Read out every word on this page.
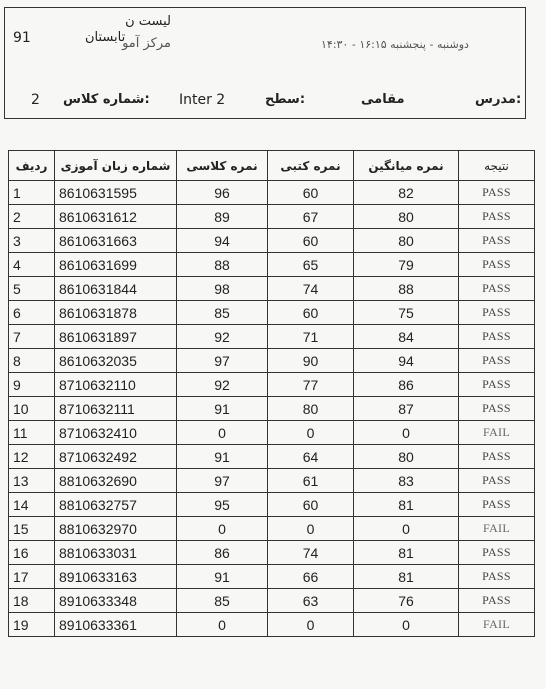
91	تابستان
لیست ن
مرکز آمو	دوشنبه - پنجشنبه ۱۶:۱۵ - ۱۴:۳۰
2 شماره کلاس: Inter 2	سطح:	مقامی	مدرس:
ردیف	شماره زبان آموزی	نمره کلاسی	نمره کتبی	نمره میانگین	نتیجه
1	8610631595	96	60	82	PASS
2	8610631612	89	67	80	PASS
3	8610631663	94	60	80	PASS
4	8610631699	88	65	79	PASS
5	8610631844	98	74	88	PASS
6	8610631878	85	60	75	PASS
7	8610631897	92	71	84	PASS
8	8610632035	97	90	94	PASS
9	8710632110	92	77	86	PASS
10	8710632111	91	80	87	PASS
11	8710632410	0	0	0	FAIL
12	8710632492	91	64	80	PASS
13	8810632690	97	61	83	PASS
14	8810632757	95	60	81	PASS
15	8810632970	0	0	0	FAIL
16	8810633031	86	74	81	PASS
17	8910633163	91	66	81	PASS
18	8910633348	85	63	76	PASS
19	8910633361	0	0	0	FAIL
